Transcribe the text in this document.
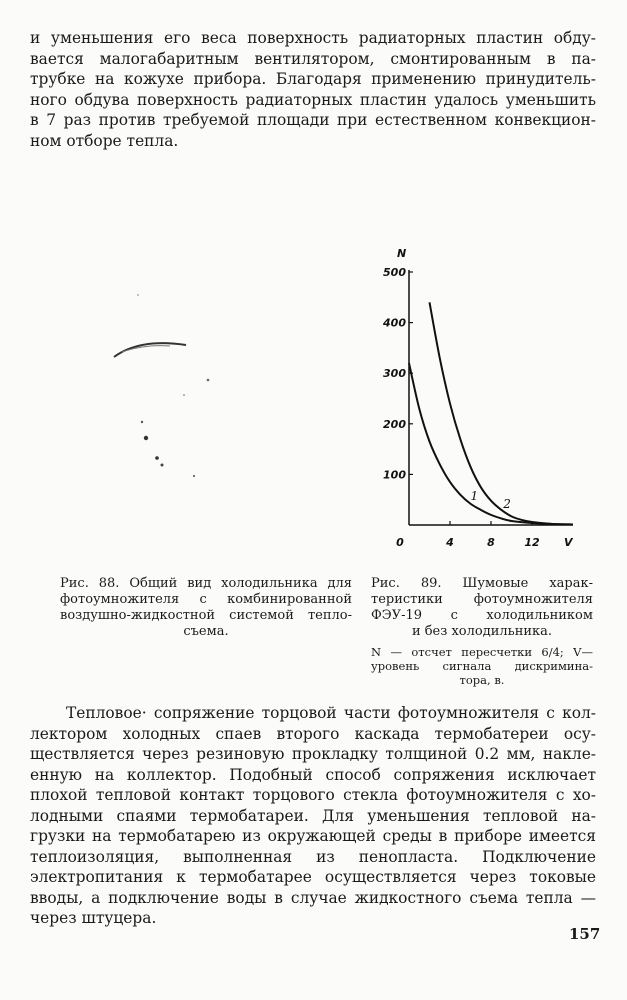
и уменьшения его веса поверхность радиаторных пластин обду-
вается малогабаритным вентилятором, смонтированным в па-
трубке на кожухе прибора. Благодаря применению принудитель-
ного обдува поверхность радиаторных пластин удалось уменьшить
в 7 раз против требуемой площади при естественном конвекцион-
ном отборе тепла.

N
V
100
200
300
400
500
0	4	8	12
1
2

Рис. 88. Общий вид холодильника для
фотоумножителя с комбинированной
воздушно-жидкостной системой тепло-
съема.

Рис. 89. Шумовые харак-
теристики фотоумножителя
ФЭУ-19 с холодильником
и без холодильника.

N — отсчет пересчетки 6/4; V—
уровень сигнала дискримина-
тора, в.

Тепловое· сопряжение торцовой части фотоумножителя с кол-
лектором холодных спаев второго каскада термобатереи осу-
ществляется через резиновую прокладку толщиной 0.2 мм, накле-
енную на коллектор. Подобный способ сопряжения исключает
плохой тепловой контакт торцового стекла фотоумножителя с хо-
лодными спаями термобатареи. Для уменьшения тепловой на-
грузки на термобатарею из окружающей среды в приборе имеется
теплоизоляция, выполненная из пенопласта. Подключение
электропитания к термобатарее осуществляется через токовые
вводы, а подключение воды в случае жидкостного съема тепла —
через штуцера.

157
